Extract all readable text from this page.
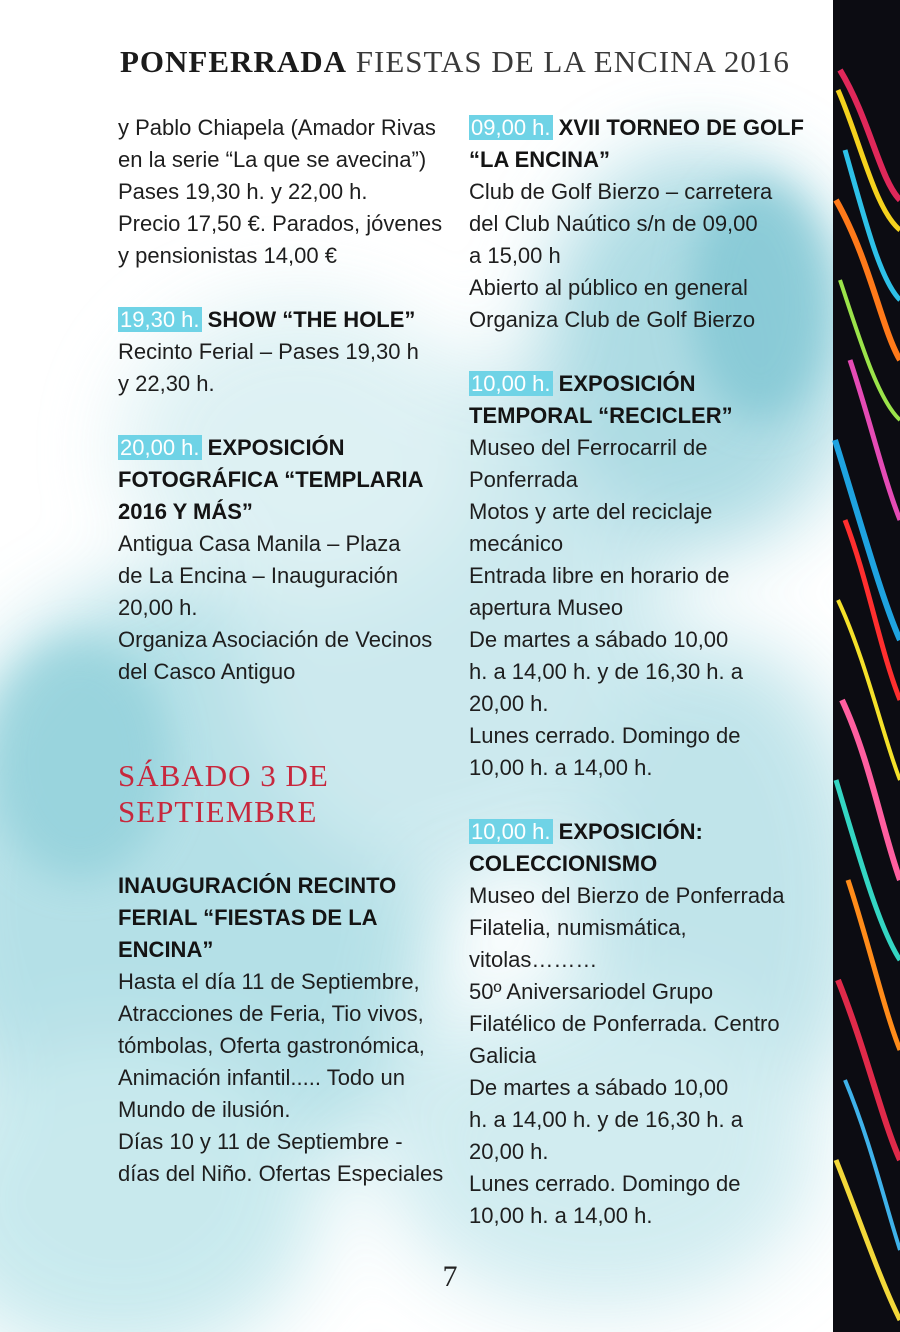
PONFERRADA FIESTAS DE LA ENCINA 2016
y Pablo Chiapela (Amador Rivas
en la serie “La que se avecina”)
Pases 19,30 h. y 22,00 h.
Precio 17,50 €. Parados, jóvenes
y pensionistas 14,00 €
19,30 h. SHOW “THE HOLE”
Recinto Ferial – Pases 19,30 h
y 22,30 h.
20,00 h. EXPOSICIÓN
FOTOGRÁFICA “TEMPLARIA
2016 Y MÁS”
Antigua Casa Manila – Plaza
de La Encina – Inauguración
20,00 h.
Organiza Asociación de Vecinos
del Casco Antiguo
SÁBADO 3 DE
SEPTIEMBRE
INAUGURACIÓN RECINTO
FERIAL “FIESTAS DE LA
ENCINA”
Hasta el día 11 de Septiembre,
Atracciones de Feria, Tio vivos,
tómbolas, Oferta gastronómica,
Animación infantil..... Todo un
Mundo de ilusión.
Días 10 y 11 de Septiembre -
días del Niño. Ofertas Especiales
09,00 h. XVII TORNEO DE GOLF
“LA ENCINA”
Club de Golf Bierzo – carretera
del Club Naútico s/n de 09,00
a 15,00 h
Abierto al público en general
Organiza Club de Golf Bierzo
10,00 h. EXPOSICIÓN
TEMPORAL “RECICLER”
Museo del Ferrocarril de
Ponferrada
Motos y arte del reciclaje
mecánico
Entrada libre en horario de
apertura Museo
De martes a sábado 10,00
h. a 14,00 h. y de 16,30 h. a
20,00 h.
Lunes cerrado. Domingo de
10,00 h. a 14,00 h.
10,00 h. EXPOSICIÓN:
COLECCIONISMO
Museo del Bierzo de Ponferrada
Filatelia, numismática,
vitolas………
50º Aniversariodel Grupo
Filatélico de Ponferrada. Centro
Galicia
De martes a sábado 10,00
h. a 14,00 h. y de 16,30 h. a
20,00 h.
Lunes cerrado. Domingo de
10,00 h. a 14,00 h.
7
